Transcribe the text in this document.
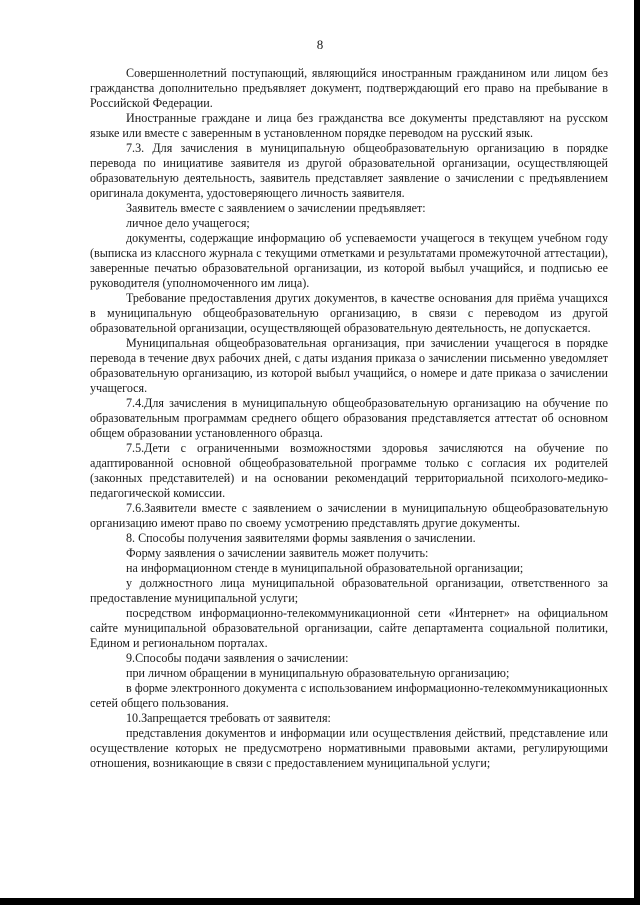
8

Совершеннолетний поступающий, являющийся иностранным гражданином или лицом без гражданства дополнительно предъявляет документ, подтверждающий его право на пребывание в Российской Федерации.

Иностранные граждане и лица без гражданства все документы представляют на русском языке или вместе с заверенным в установленном порядке переводом на русский язык.

7.3. Для зачисления в муниципальную общеобразовательную организацию в порядке перевода по инициативе заявителя из другой образовательной организации, осуществляющей образовательную деятельность, заявитель представляет заявление о зачислении с предъявлением оригинала документа, удостоверяющего личность заявителя.

Заявитель вместе с заявлением о зачислении предъявляет:

личное дело учащегося;

документы, содержащие информацию об успеваемости учащегося в текущем учебном году (выписка из классного журнала с текущими отметками и результатами промежуточной аттестации), заверенные печатью образовательной организации, из которой выбыл учащийся, и подписью ее руководителя (уполномоченного им лица).

Требование предоставления других документов, в качестве основания для приёма учащихся в муниципальную общеобразовательную организацию, в связи с переводом из другой образовательной организации, осуществляющей образовательную деятельность, не допускается.

Муниципальная общеобразовательная организация, при зачислении учащегося в порядке перевода в течение двух рабочих дней, с даты издания приказа о зачислении письменно уведомляет образовательную организацию, из которой выбыл учащийся, о номере и дате приказа о зачислении учащегося.

7.4.Для зачисления в муниципальную общеобразовательную организацию на обучение по образовательным программам среднего общего образования представляется аттестат об основном общем образовании установленного образца.

7.5.Дети с ограниченными возможностями здоровья зачисляются на обучение по адаптированной основной общеобразовательной программе только с согласия их родителей (законных представителей) и на основании рекомендаций территориальной психолого-медико-педагогической комиссии.

7.6.Заявители вместе с заявлением о зачислении в муниципальную общеобразовательную организацию имеют право по своему усмотрению представлять другие документы.

8. Способы получения заявителями формы заявления о зачислении.

Форму заявления о зачислении заявитель может получить:

на информационном стенде в муниципальной образовательной организации;

у должностного лица муниципальной образовательной организации, ответственного за предоставление муниципальной услуги;

посредством информационно-телекоммуникационной сети «Интернет» на официальном сайте муниципальной образовательной организации, сайте департамента социальной политики, Едином и региональном порталах.

9.Способы подачи заявления о зачислении:

при личном обращении в муниципальную образовательную организацию;

в форме электронного документа с использованием информационно-телекоммуникационных сетей общего пользования.

10.Запрещается требовать от заявителя:

представления документов и информации или осуществления действий, представление или осуществление которых не предусмотрено нормативными правовыми актами, регулирующими отношения, возникающие в связи с предоставлением муниципальной услуги;
